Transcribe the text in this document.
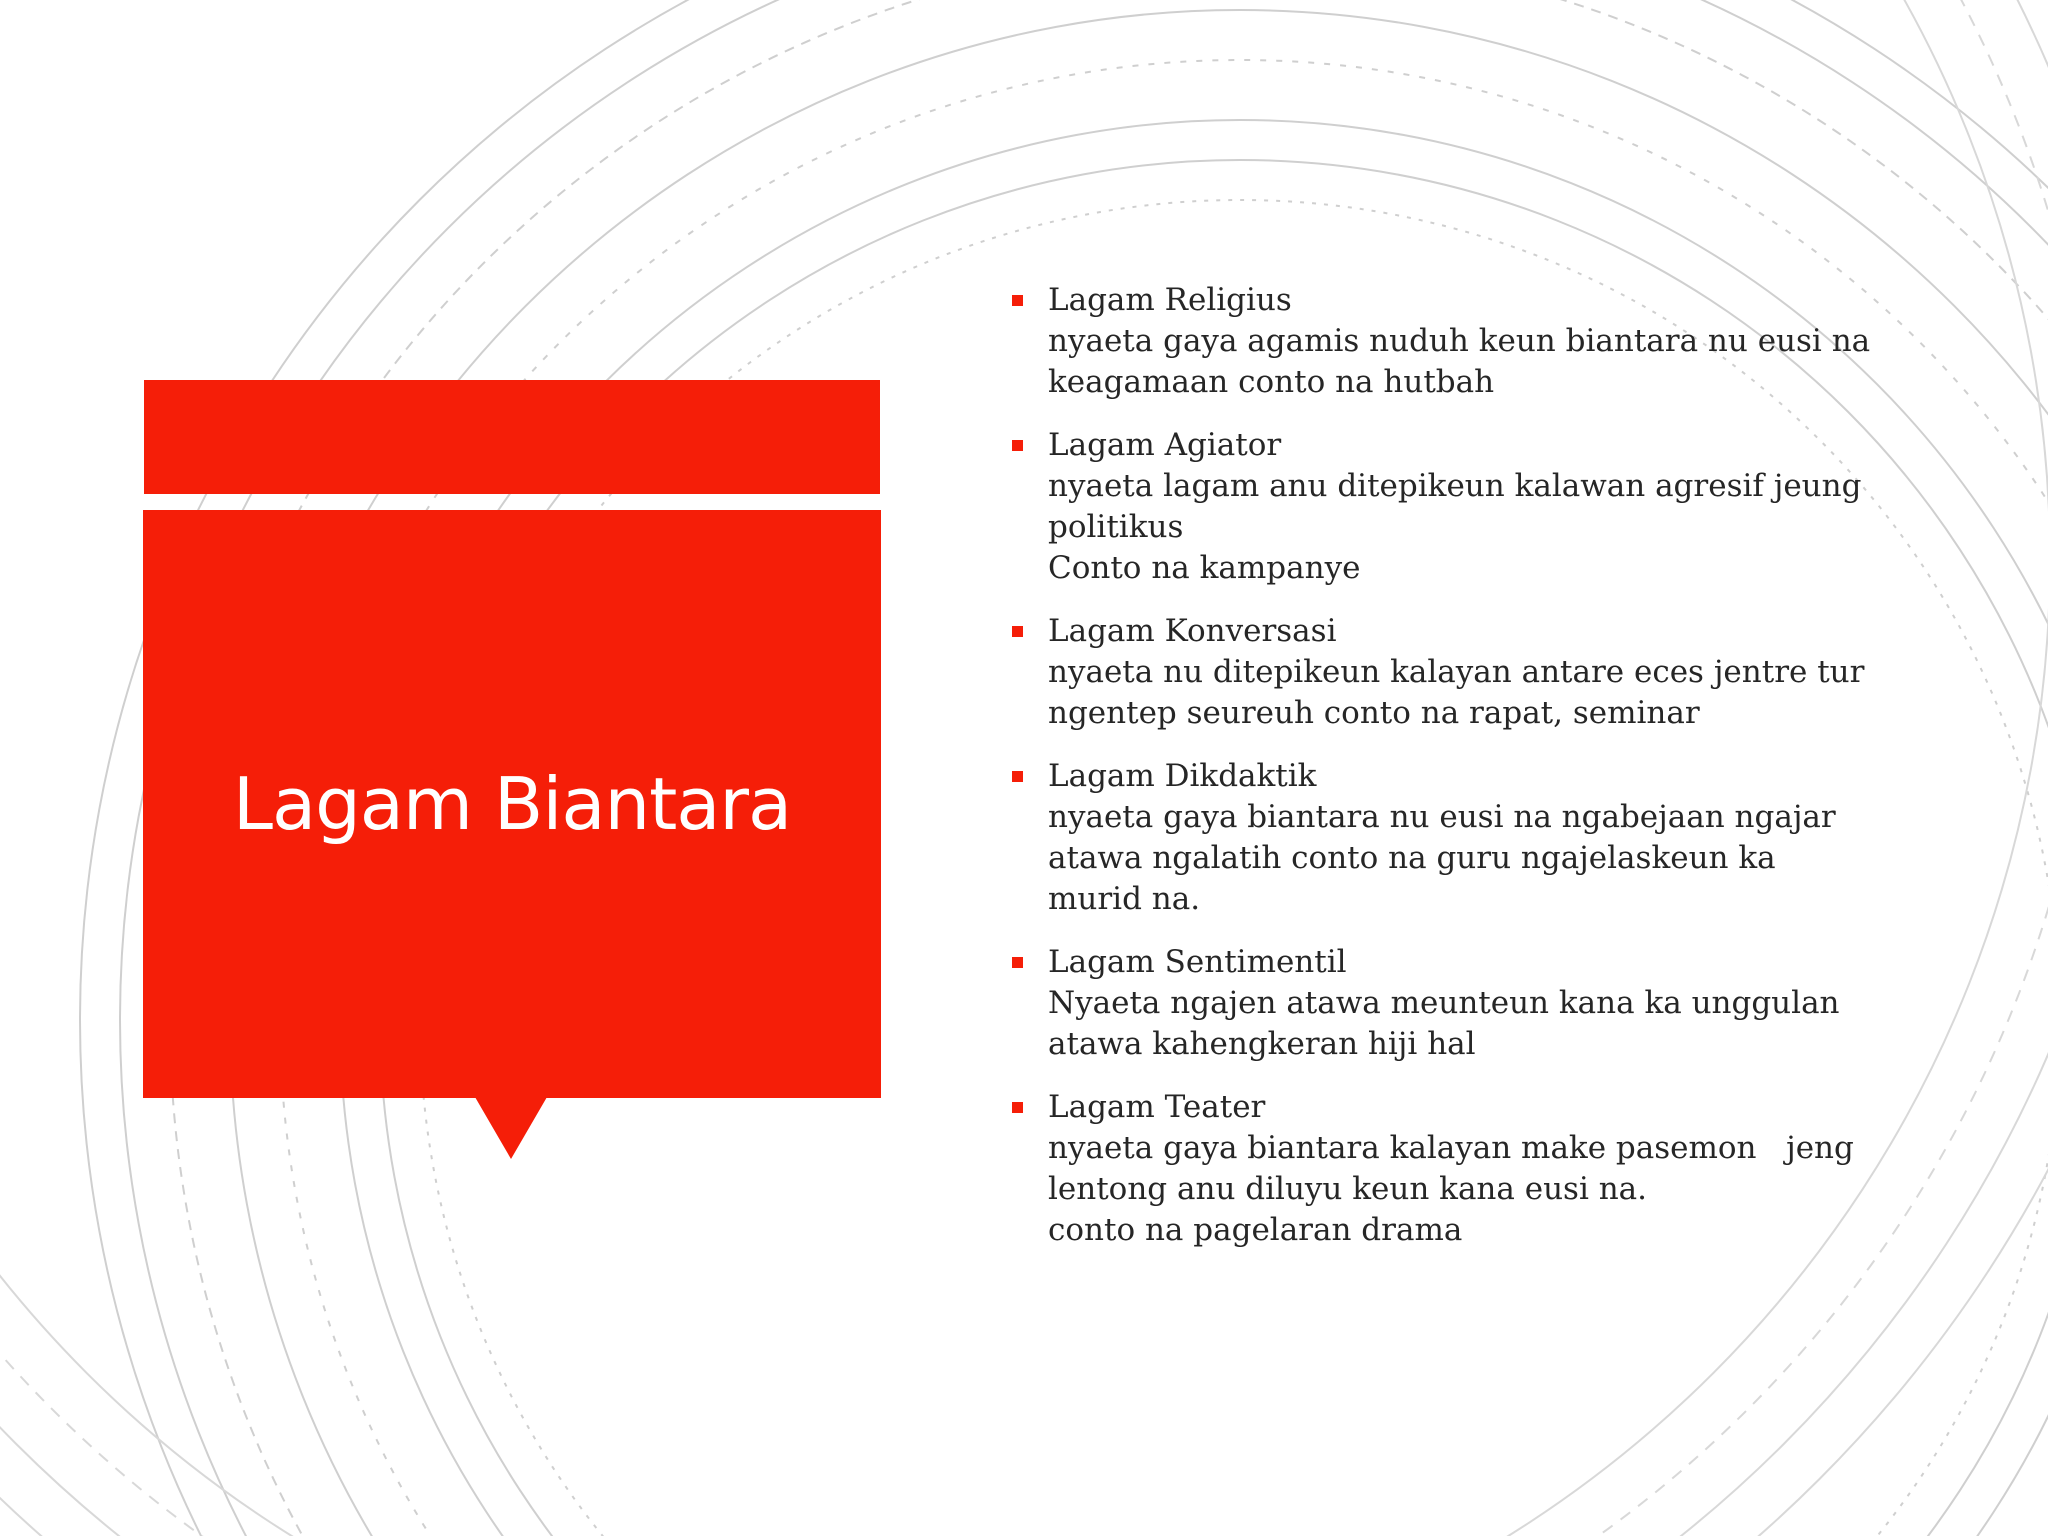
Lagam Biantara
Lagam Religius
nyaeta gaya agamis nuduh keun biantara nu eusi na
keagamaan conto na hutbah
Lagam Agiator
nyaeta lagam anu ditepikeun kalawan agresif jeung
politikus
Conto na kampanye
Lagam Konversasi
nyaeta nu ditepikeun kalayan antare eces jentre tur
ngentep seureuh conto na rapat, seminar
Lagam Dikdaktik
nyaeta gaya biantara nu eusi na ngabejaan ngajar
atawa ngalatih conto na guru ngajelaskeun ka
murid na.
Lagam Sentimentil
Nyaeta ngajen atawa meunteun kana ka unggulan
atawa kahengkeran hiji hal
Lagam Teater
nyaeta gaya biantara kalayan make pasemon   jeng
lentong anu diluyu keun kana eusi na.
conto na pagelaran drama
